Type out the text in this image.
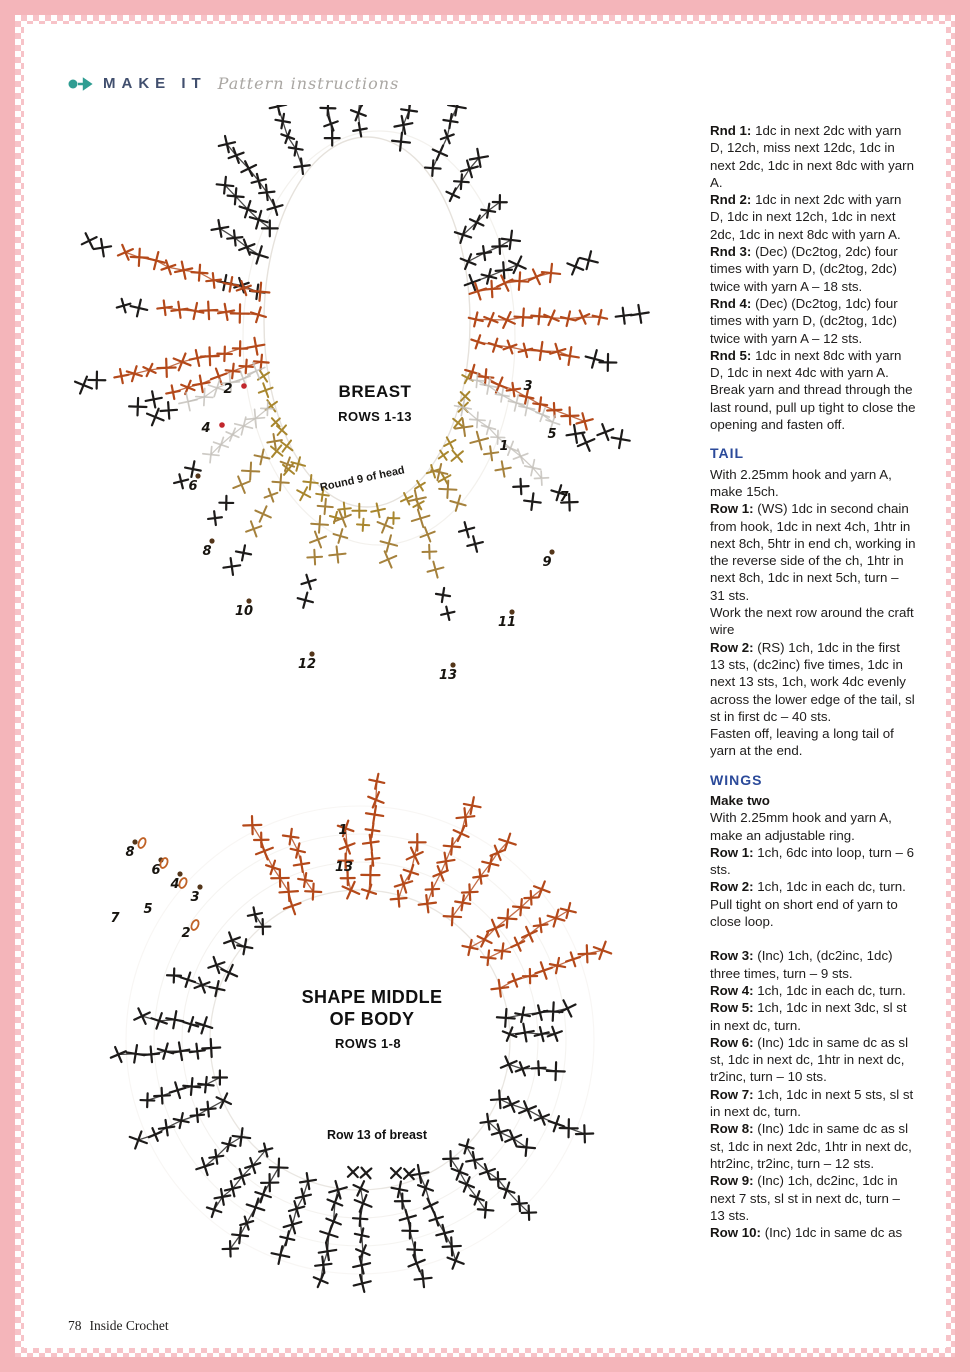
MAKE IT Pattern instructions
BREAST
ROWS 1-13
Round 9 of head
1
2	3
4	5
6
7
8
9
10
11
12
13
SHAPE MIDDLE
OF BODY
ROWS 1-8
Row 13 of breast
1
2
3
4
5
6
7
8
13

Rnd 1: 1dc in next 2dc with yarn D, 12ch, miss next 12dc, 1dc in next 2dc, 1dc in next 8dc with yarn A.

Rnd 2: 1dc in next 2dc with yarn D, 1dc in next 12ch, 1dc in next 2dc, 1dc in next 8dc with yarn A.

Rnd 3: (Dec) (Dc2tog, 2dc) four times with yarn D, (dc2tog, 2dc) twice with yarn A – 18 sts.

Rnd 4: (Dec) (Dc2tog, 1dc) four times with yarn D, (dc2tog, 1dc) twice with yarn A – 12 sts.

Rnd 5: 1dc in next 8dc with yarn D, 1dc in next 4dc with yarn A. Break yarn and thread through the last round, pull up tight to close the opening and fasten off.

TAIL

With 2.25mm hook and yarn A, make 15ch.

Row 1: (WS) 1dc in second chain from hook, 1dc in next 4ch, 1htr in next 8ch, 5htr in end ch, working in the reverse side of the ch, 1htr in next 8ch, 1dc in next 5ch, turn – 31 sts.

Work the next row around the craft wire

Row 2: (RS) 1ch, 1dc in the first 13 sts, (dc2inc) five times, 1dc in next 13 sts, 1ch, work 4dc evenly across the lower edge of the tail, sl st in first dc – 40 sts.

Fasten off, leaving a long tail of yarn at the end.

WINGS

Make two

With 2.25mm hook and yarn A, make an adjustable ring.

Row 1: 1ch, 6dc into loop, turn – 6 sts.

Row 2: 1ch, 1dc in each dc, turn. Pull tight on short end of yarn to close loop.

Row 3: (Inc) 1ch, (dc2inc, 1dc) three times, turn – 9 sts.

Row 4: 1ch, 1dc in each dc, turn.

Row 5: 1ch, 1dc in next 3dc, sl st in next dc, turn.

Row 6: (Inc) 1dc in same dc as sl st, 1dc in next dc, 1htr in next dc, tr2inc, turn – 10 sts.

Row 7: 1ch, 1dc in next 5 sts, sl st in next dc, turn.

Row 8: (Inc) 1dc in same dc as sl st, 1dc in next 2dc, 1htr in next dc, htr2inc, tr2inc, turn – 12 sts.

Row 9: (Inc) 1ch, dc2inc, 1dc in next 7 sts, sl st in next dc, turn – 13 sts.

Row 10: (Inc) 1dc in same dc as

78 Inside Crochet
